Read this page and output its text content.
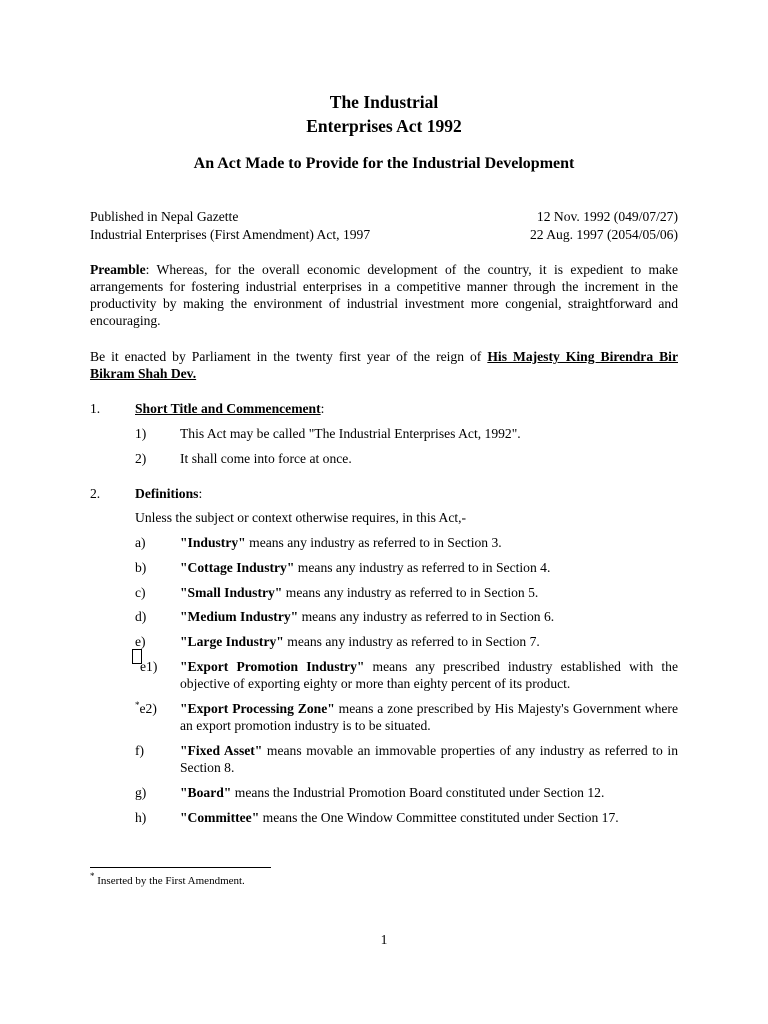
The Industrial
Enterprises Act 1992
An Act Made to Provide for the Industrial Development
Published in Nepal Gazette	12 Nov. 1992 (049/07/27)
Industrial Enterprises (First Amendment) Act, 1997	22 Aug. 1997 (2054/05/06)
Preamble: Whereas, for the overall economic development of the country, it is expedient to make arrangements for fostering industrial enterprises in a competitive manner through the increment in the productivity by making the environment of industrial investment more congenial, straightforward and encouraging.
Be it enacted by Parliament in the twenty first year of the reign of His Majesty King Birendra Bir Bikram Shah Dev.
1.	Short Title and Commencement:
1) This Act may be called "The Industrial Enterprises Act, 1992".
2) It shall come into force at once.
2.	Definitions:
Unless the subject or context otherwise requires, in this Act,-
a)	"Industry" means any industry as referred to in Section 3.
b) "Cottage Industry" means any industry as referred to in Section 4.
c)	"Small Industry" means any industry as referred to in Section 5.
d) "Medium Industry" means any industry as referred to in Section 6.
e)	"Large Industry" means any industry as referred to in Section 7.
e1) "Export Promotion Industry" means any prescribed industry established with the objective of exporting eighty or more than eighty percent of its product.
*e2) "Export Processing Zone" means a zone prescribed by His Majesty's Government where an export promotion industry is to be situated.
f)	"Fixed Asset" means movable an immovable properties of any industry as referred to in Section 8.
g) "Board" means the Industrial Promotion Board constituted under Section 12.
h) "Committee" means the One Window Committee constituted under Section 17.
* Inserted by the First Amendment.
1
